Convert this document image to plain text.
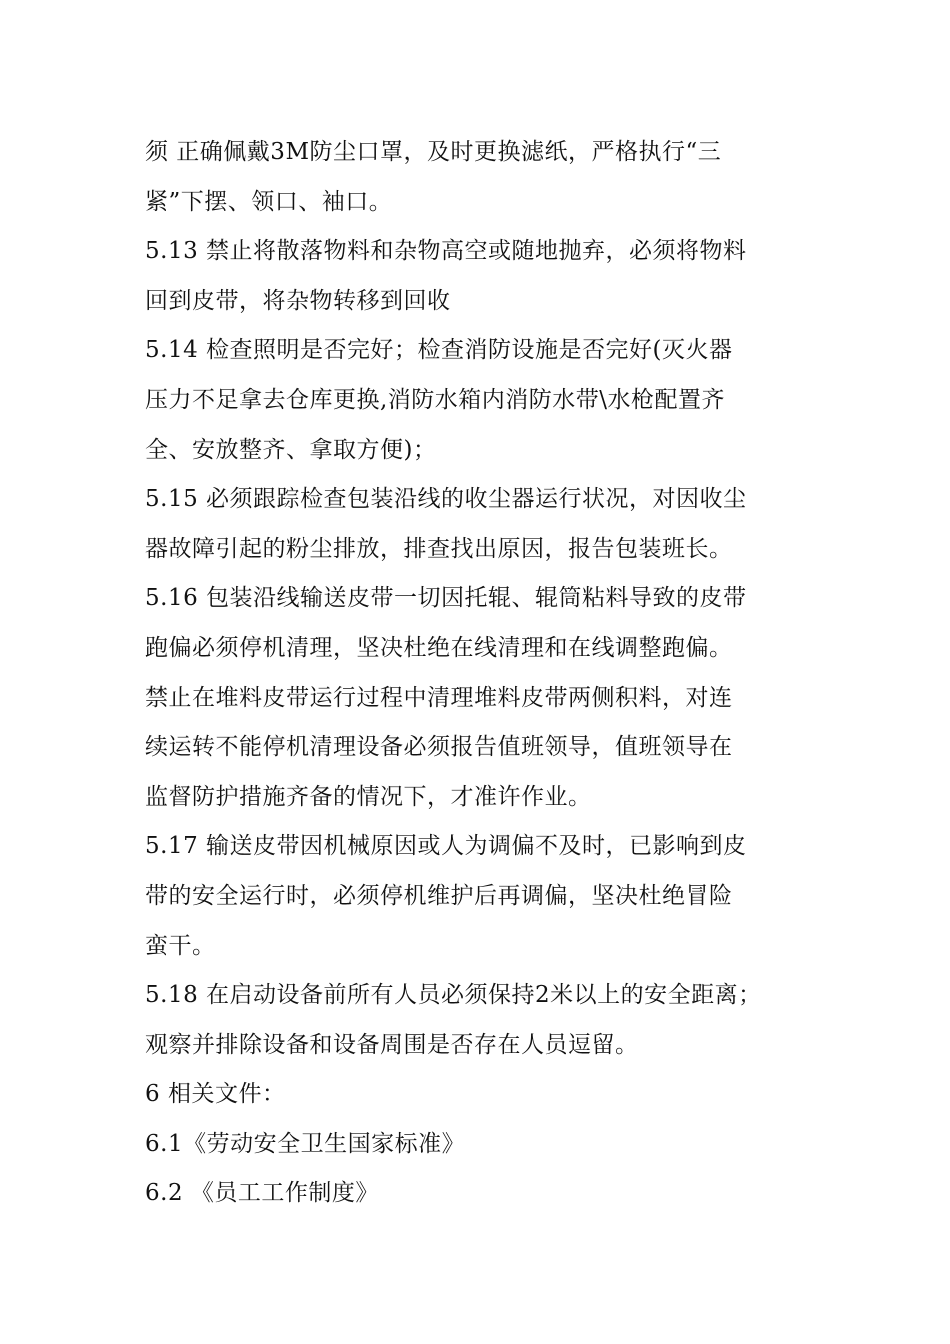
须 正确佩戴3M防尘口罩，及时更换滤纸，严格执行“三
紧”下摆、领口、袖口。
5.13 禁止将散落物料和杂物高空或随地抛弃，必须将物料
回到皮带，将杂物转移到回收
5.14 检查照明是否完好；检查消防设施是否完好(灭火器
压力不足拿去仓库更换,消防水箱内消防水带\水枪配置齐
全、安放整齐、拿取方便)；
5.15 必须跟踪检查包装沿线的收尘器运行状况，对因收尘
器故障引起的粉尘排放，排查找出原因，报告包装班长。
5.16 包装沿线输送皮带一切因托辊、辊筒粘料导致的皮带
跑偏必须停机清理，坚决杜绝在线清理和在线调整跑偏。
禁止在堆料皮带运行过程中清理堆料皮带两侧积料，对连
续运转不能停机清理设备必须报告值班领导，值班领导在
监督防护措施齐备的情况下，才准许作业。
5.17 输送皮带因机械原因或人为调偏不及时，已影响到皮
带的安全运行时，必须停机维护后再调偏，坚决杜绝冒险
蛮干。
5.18 在启动设备前所有人员必须保持2米以上的安全距离；
观察并排除设备和设备周围是否存在人员逗留。
6 相关文件：
6.1《劳动安全卫生国家标准》
6.2 《员工工作制度》
